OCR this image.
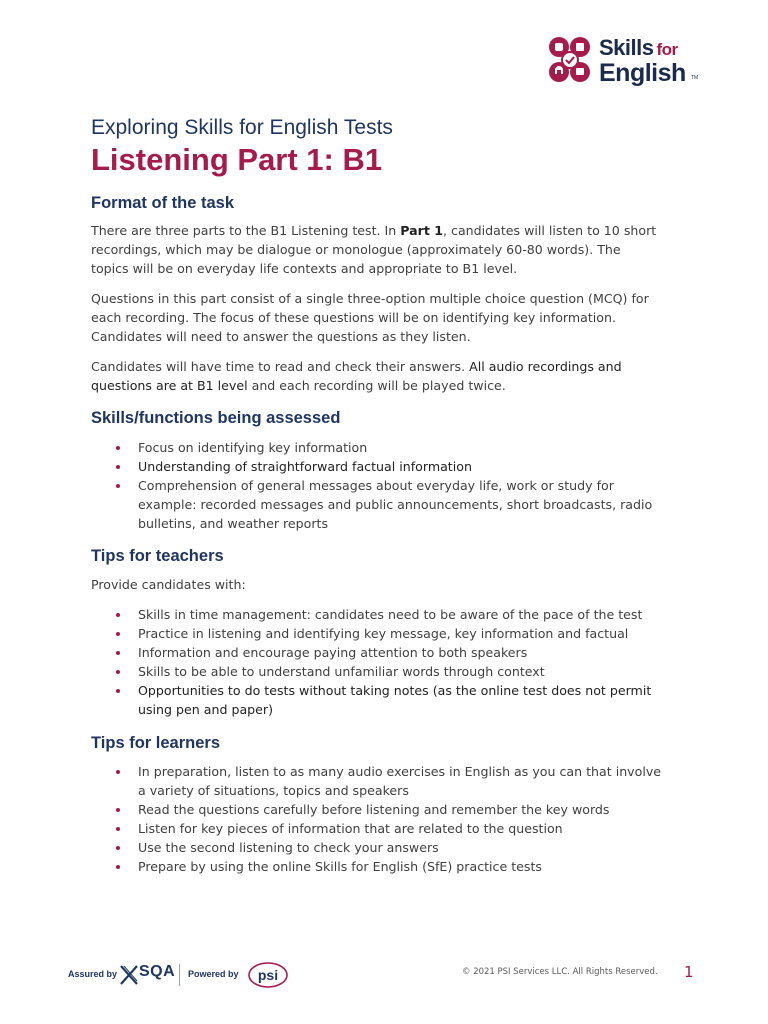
Skills for
English TM
Exploring Skills for English Tests
Listening Part 1: B1
Format of the task
There are three parts to the B1 Listening test. In Part 1, candidates will listen to 10 short
recordings, which may be dialogue or monologue (approximately 60-80 words). The
topics will be on everyday life contexts and appropriate to B1 level.
Questions in this part consist of a single three-option multiple choice question (MCQ) for
each recording. The focus of these questions will be on identifying key information.
Candidates will need to answer the questions as they listen.
Candidates will have time to read and check their answers. All audio recordings and
questions are at B1 level and each recording will be played twice.
Skills/functions being assessed
Focus on identifying key information
Understanding of straightforward factual information
Comprehension of general messages about everyday life, work or study for
example: recorded messages and public announcements, short broadcasts, radio
bulletins, and weather reports
Tips for teachers
Provide candidates with:
Skills in time management: candidates need to be aware of the pace of the test
Practice in listening and identifying key message, key information and factual
Information and encourage paying attention to both speakers
Skills to be able to understand unfamiliar words through context
Opportunities to do tests without taking notes (as the online test does not permit
using pen and paper)
Tips for learners
In preparation, listen to as many audio exercises in English as you can that involve
a variety of situations, topics and speakers
Read the questions carefully before listening and remember the key words
Listen for key pieces of information that are related to the question
Use the second listening to check your answers
Prepare by using the online Skills for English (SfE) practice tests
Assured by SQA Powered by psi	© 2021 PSI Services LLC. All Rights Reserved. 1
